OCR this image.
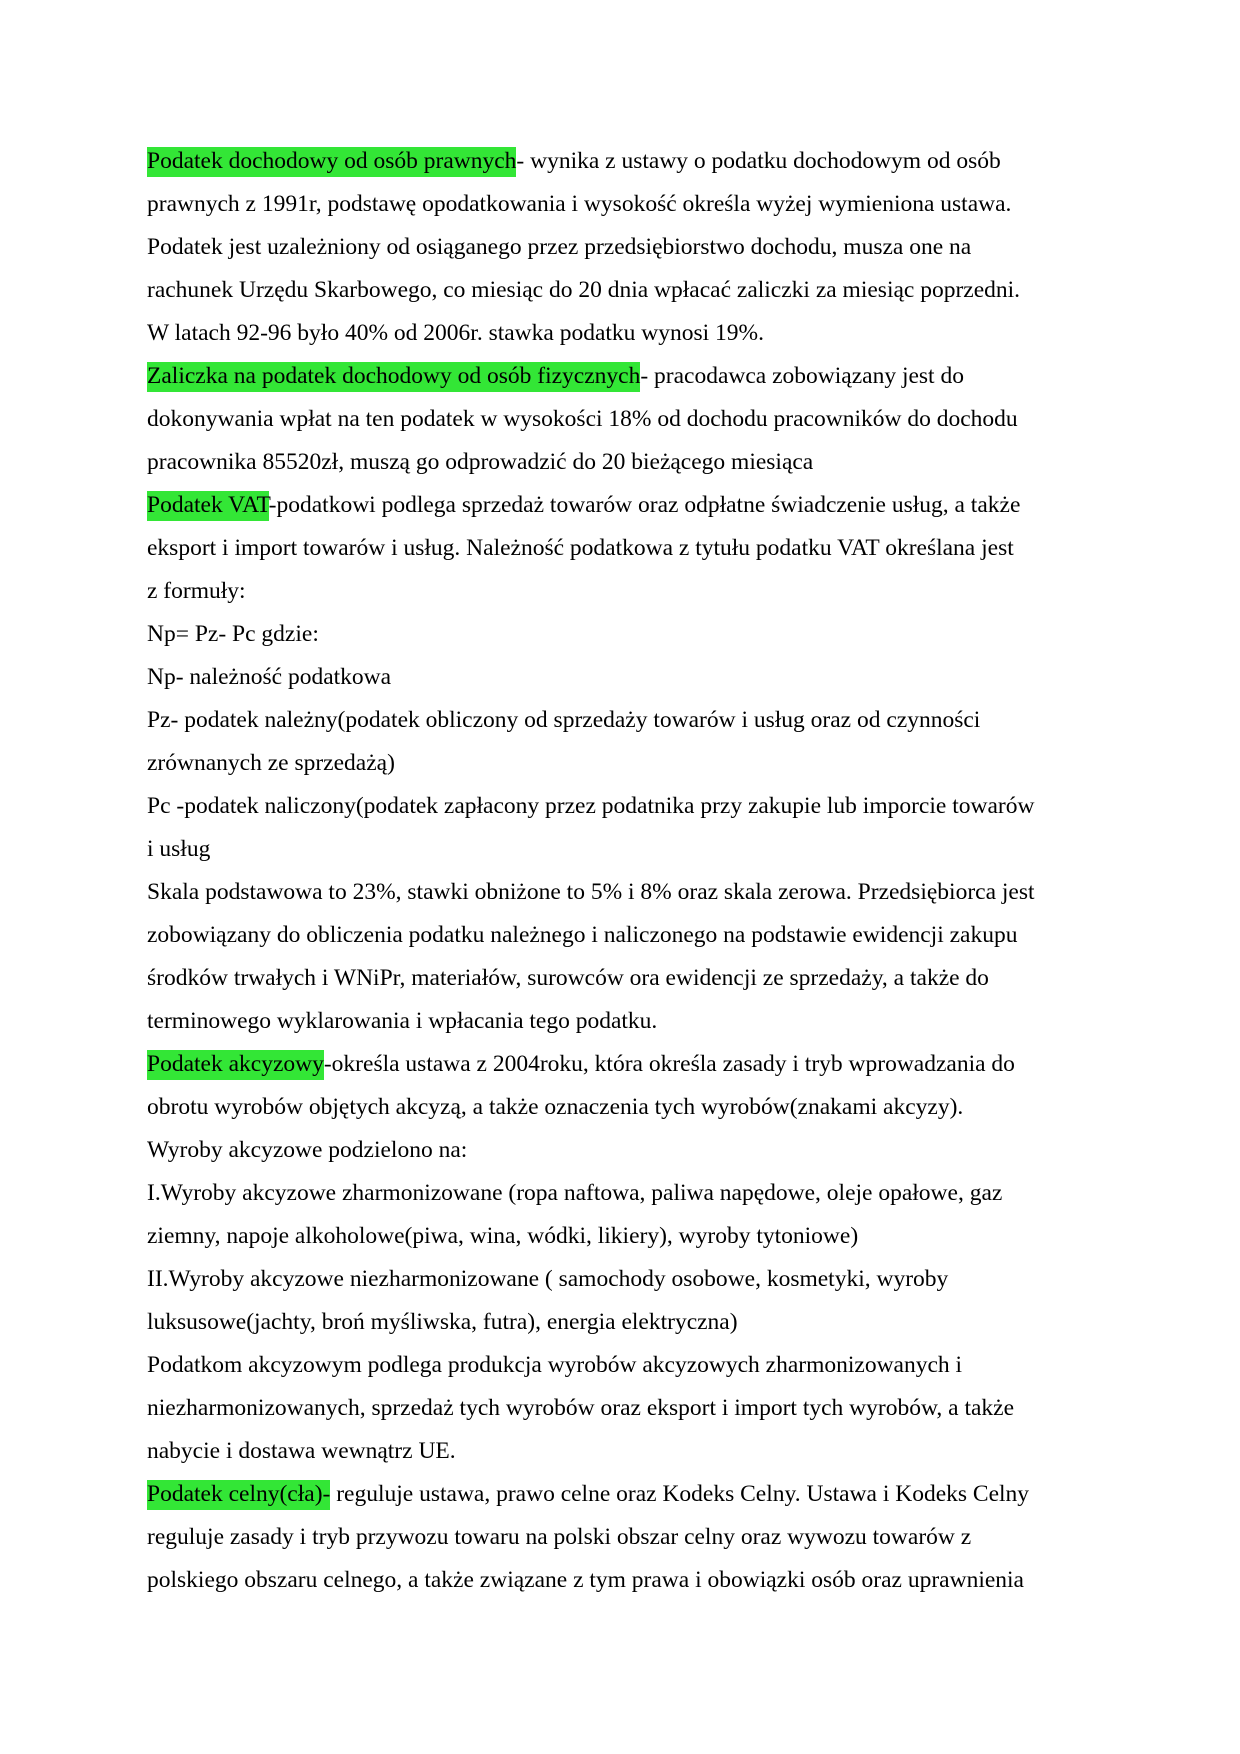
Podatek dochodowy od osób prawnych- wynika z ustawy o podatku dochodowym od osób
prawnych z 1991r, podstawę opodatkowania i wysokość określa wyżej wymieniona ustawa.
Podatek jest uzależniony od osiąganego przez przedsiębiorstwo dochodu, musza one na
rachunek Urzędu Skarbowego, co miesiąc do 20 dnia wpłacać zaliczki za miesiąc poprzedni.
W latach 92-96 było 40% od 2006r. stawka podatku wynosi 19%.
Zaliczka na podatek dochodowy od osób fizycznych- pracodawca zobowiązany jest do
dokonywania wpłat na ten podatek w wysokości 18% od dochodu pracowników do dochodu
pracownika 85520zł, muszą go odprowadzić do 20 bieżącego miesiąca
Podatek VAT-podatkowi podlega sprzedaż towarów oraz odpłatne świadczenie usług, a także
eksport i import towarów i usług. Należność podatkowa z tytułu podatku VAT określana jest
z formuły:
Np= Pz- Pc gdzie:
Np- należność podatkowa
Pz- podatek należny(podatek obliczony od sprzedaży towarów i usług oraz od czynności
zrównanych ze sprzedażą)
Pc -podatek naliczony(podatek zapłacony przez podatnika przy zakupie lub imporcie towarów
i usług
Skala podstawowa to 23%, stawki obniżone to 5% i 8% oraz skala zerowa. Przedsiębiorca jest
zobowiązany do obliczenia podatku należnego i naliczonego na podstawie ewidencji zakupu
środków trwałych i WNiPr, materiałów, surowców ora ewidencji ze sprzedaży, a także do
terminowego wyklarowania i wpłacania tego podatku.
Podatek akcyzowy-określa ustawa z 2004roku, która określa zasady i tryb wprowadzania do
obrotu wyrobów objętych akcyzą, a także oznaczenia tych wyrobów(znakami akcyzy).
Wyroby akcyzowe podzielono na:
I.Wyroby akcyzowe zharmonizowane (ropa naftowa, paliwa napędowe, oleje opałowe, gaz
ziemny, napoje alkoholowe(piwa, wina, wódki, likiery), wyroby tytoniowe)
II.Wyroby akcyzowe niezharmonizowane ( samochody osobowe, kosmetyki, wyroby
luksusowe(jachty, broń myśliwska, futra), energia elektryczna)
Podatkom akcyzowym podlega produkcja wyrobów akcyzowych zharmonizowanych i
niezharmonizowanych, sprzedaż tych wyrobów oraz eksport i import tych wyrobów, a także
nabycie i dostawa wewnątrz UE.
Podatek celny(cła)- reguluje ustawa, prawo celne oraz Kodeks Celny. Ustawa i Kodeks Celny
reguluje zasady i tryb przywozu towaru na polski obszar celny oraz wywozu towarów z
polskiego obszaru celnego, a także związane z tym prawa i obowiązki osób oraz uprawnienia
